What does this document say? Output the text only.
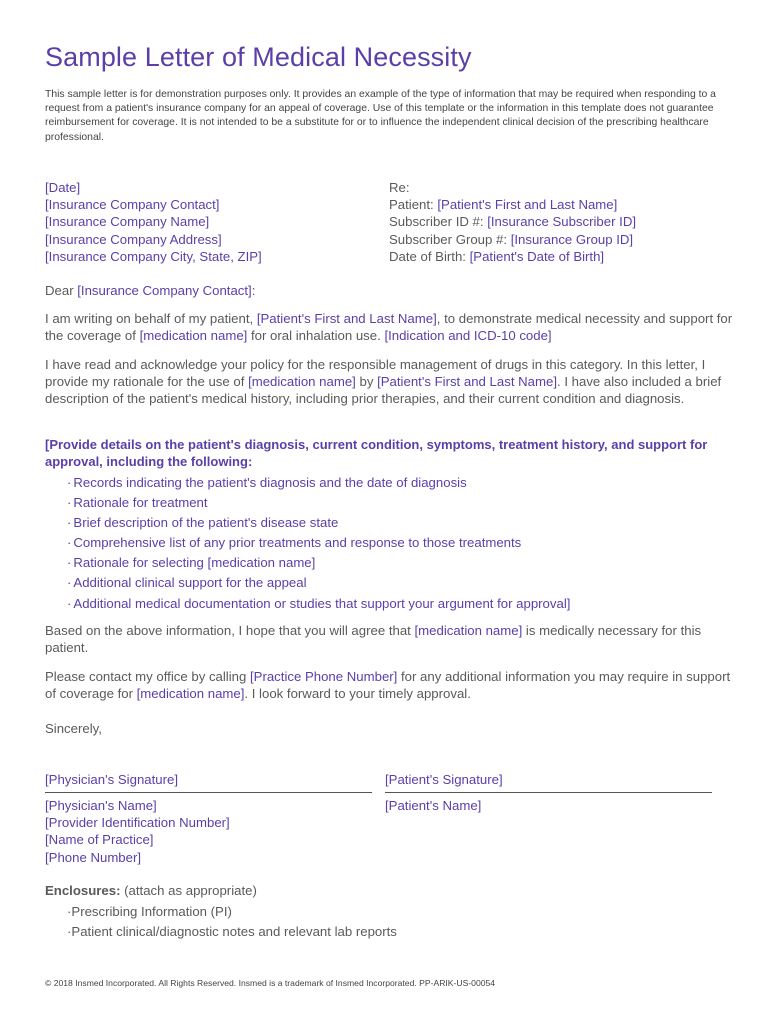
Sample Letter of Medical Necessity

This sample letter is for demonstration purposes only. It provides an example of the type of information that may be required when responding to a request from a patient's insurance company for an appeal of coverage. Use of this template or the information in this template does not guarantee reimbursement for coverage. It is not intended to be a substitute for or to influence the independent clinical decision of the prescribing healthcare professional.

[Date]
[Insurance Company Contact]
[Insurance Company Name]
[Insurance Company Address]
[Insurance Company City, State, ZIP]
Re:
Patient: [Patient's First and Last Name]
Subscriber ID #: [Insurance Subscriber ID]
Subscriber Group #: [Insurance Group ID]
Date of Birth: [Patient's Date of Birth]

Dear [Insurance Company Contact]:

I am writing on behalf of my patient, [Patient's First and Last Name], to demonstrate medical necessity and support for the coverage of [medication name] for oral inhalation use. [Indication and ICD-10 code]

I have read and acknowledge your policy for the responsible management of drugs in this category. In this letter, I provide my rationale for the use of [medication name] by [Patient's First and Last Name]. I have also included a brief description of the patient's medical history, including prior therapies, and their current condition and diagnosis.

[Provide details on the patient's diagnosis, current condition, symptoms, treatment history, and support for approval, including the following:

· Records indicating the patient's diagnosis and the date of diagnosis
· Rationale for treatment
· Brief description of the patient's disease state
· Comprehensive list of any prior treatments and response to those treatments
· Rationale for selecting [medication name]
· Additional clinical support for the appeal
· Additional medical documentation or studies that support your argument for approval]

Based on the above information, I hope that you will agree that [medication name] is medically necessary for this patient.

Please contact my office by calling [Practice Phone Number] for any additional information you may require in support of coverage for [medication name]. I look forward to your timely approval.

Sincerely,

[Physician's Signature]	[Patient's Signature]
[Physician's Name]
[Provider Identification Number]
[Name of Practice]
[Phone Number]
[Patient's Name]

Enclosures: (attach as appropriate)

·Prescribing Information (PI)
·Patient clinical/diagnostic notes and relevant lab reports

© 2018 Insmed Incorporated. All Rights Reserved. Insmed is a trademark of Insmed Incorporated. PP-ARIK-US-00054
